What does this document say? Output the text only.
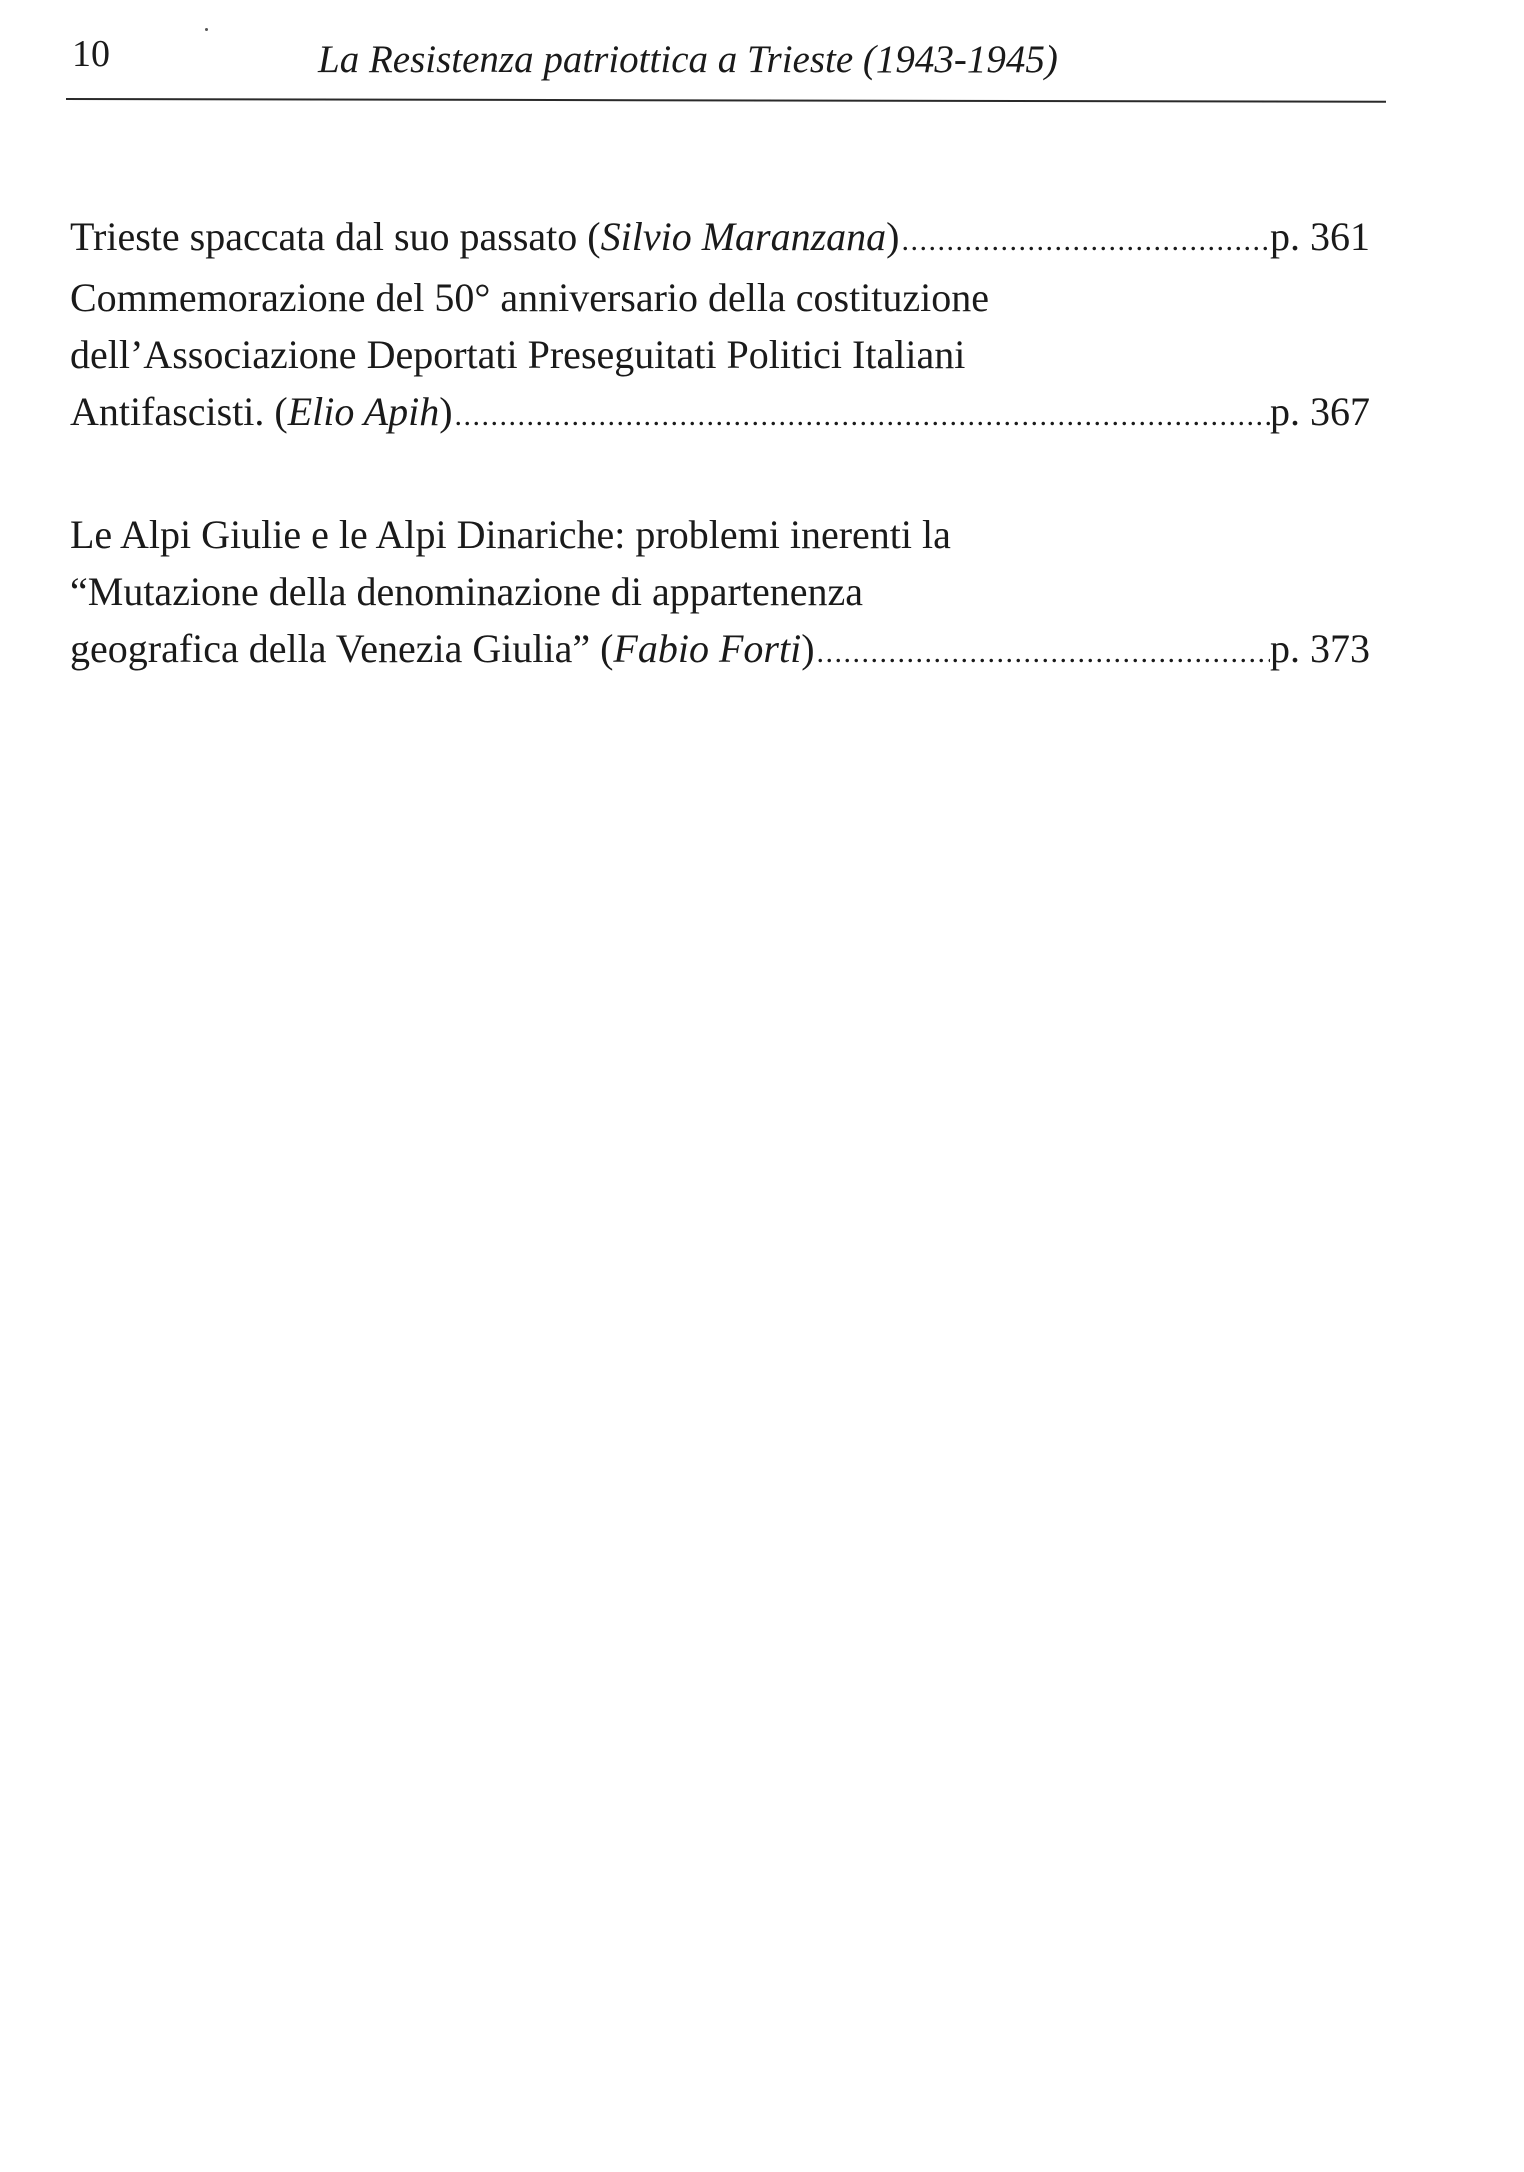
10	La Resistenza patriottica a Trieste (1943-1945)
Trieste spaccata dal suo passato (Silvio Maranzana) . . .	p. 361
Commemorazione del 50° anniversario della costituzione
dell’Associazione Deportati Preseguitati Politici Italiani
Antifascisti. (Elio Apih) . . .	p. 367
Le Alpi Giulie e le Alpi Dinariche: problemi inerenti la
“Mutazione della denominazione di appartenenza
geografica della Venezia Giulia” (Fabio Forti) . . .	p. 373
